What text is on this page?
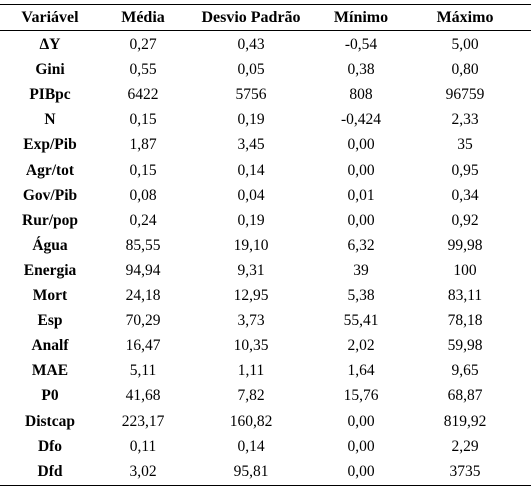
Variável	Média	Desvio Padrão	Mínimo	Máximo
ΔY	0,27	0,43	-0,54	5,00
Gini	0,55	0,05	0,38	0,80
PIBpc	6422	5756	808	96759
N	0,15	0,19	-0,424	2,33
Exp/Pib	1,87	3,45	0,00	35
Agr/tot	0,15	0,14	0,00	0,95
Gov/Pib	0,08	0,04	0,01	0,34
Rur/pop	0,24	0,19	0,00	0,92
Água	85,55	19,10	6,32	99,98
Energia	94,94	9,31	39	100
Mort	24,18	12,95	5,38	83,11
Esp	70,29	3,73	55,41	78,18
Analf	16,47	10,35	2,02	59,98
MAE	5,11	1,11	1,64	9,65
P0	41,68	7,82	15,76	68,87
Distcap	223,17	160,82	0,00	819,92
Dfo	0,11	0,14	0,00	2,29
Dfd	3,02	95,81	0,00	3735
